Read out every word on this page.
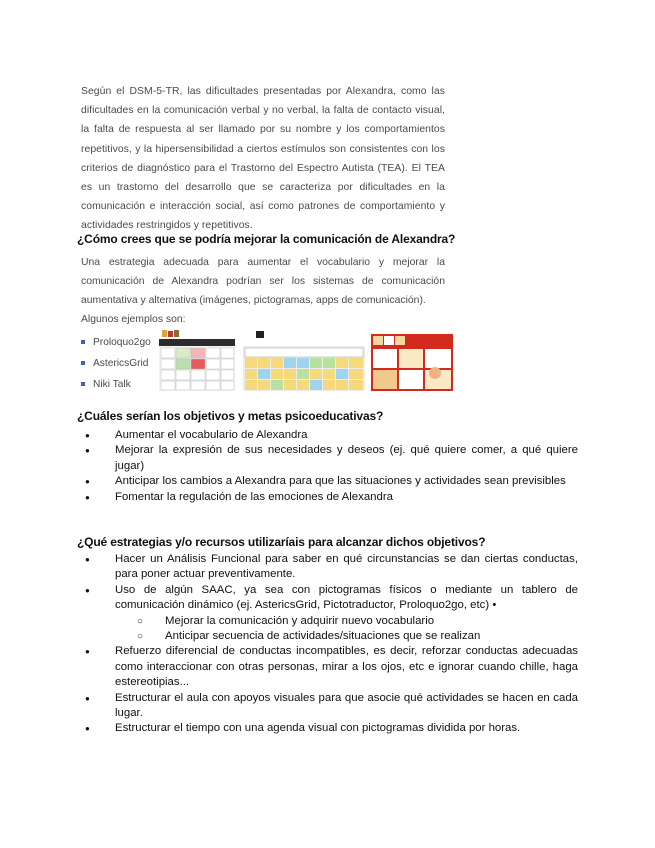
Según el DSM-5-TR, las dificultades presentadas por Alexandra, como las dificultades en la comunicación verbal y no verbal, la falta de contacto visual, la falta de respuesta al ser llamado por su nombre y los comportamientos repetitivos, y la hipersensibilidad a ciertos estímulos son consistentes con los criterios de diagnóstico para el Trastorno del Espectro Autista (TEA). El TEA es un trastorno del desarrollo que se caracteriza por dificultades en la comunicación e interacción social, así como patrones de comportamiento y actividades restringidos y repetitivos.

¿Cómo crees que se podría mejorar la comunicación de Alexandra?

Una estrategia adecuada para aumentar el vocabulario y mejorar la comunicación de Alexandra podrían ser los sistemas de comunicación aumentativa y alternativa (imágenes, pictogramas, apps de comunicación).
Algunos ejemplos son:

Proloquo2go
AstericsGrid
Niki Talk
¿Cuáles serían los objetivos y metas psicoeducativas?
● Aumentar el vocabulario de Alexandra
● Mejorar la expresión de sus necesidades y deseos (ej. qué quiere comer, a qué quiere jugar)
● Anticipar los cambios a Alexandra para que las situaciones y actividades sean previsibles
● Fomentar la regulación de las emociones de Alexandra
¿Qué estrategias y/o recursos utilizaríais para alcanzar dichos objetivos?
● Hacer un Análisis Funcional para saber en qué circunstancias se dan ciertas conductas, para poner actuar preventivamente.
● Uso de algún SAAC, ya sea con pictogramas físicos o mediante un tablero de comunicación dinámico (ej. AstericsGrid, Pictotraductor, Proloquo2go, etc) •
○ Mejorar la comunicación y adquirir nuevo vocabulario
○ Anticipar secuencia de actividades/situaciones que se realizan
● Refuerzo diferencial de conductas incompatibles, es decir, reforzar conductas adecuadas como interaccionar con otras personas, mirar a los ojos, etc e ignorar cuando chille, haga estereotipias...
● Estructurar el aula con apoyos visuales para que asocie qué actividades se hacen en cada lugar.
● Estructurar el tiempo con una agenda visual con pictogramas dividida por horas.
